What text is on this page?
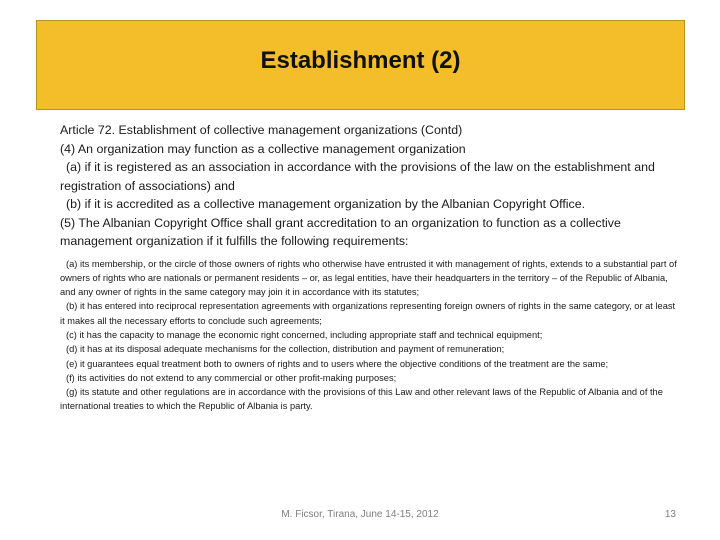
Establishment (2)

Article 72. Establishment of collective management organizations (Contd)

(4) An organization may function as a collective management organization

(a) if it is registered as an association in accordance with the provisions of the law on the establishment and registration of associations) and

(b) if it is accredited as a collective management organization by the Albanian Copyright Office.

(5) The Albanian Copyright Office shall grant accreditation to an organization to function as a collective management organization if it fulfills the following requirements:

(a) its membership, or the circle of those owners of rights who otherwise have entrusted it with management of rights, extends to a substantial part of owners of rights who are nationals or permanent residents – or, as legal entities, have their headquarters in the territory – of the Republic of Albania, and any owner of rights in the same category may join it in accordance with its statutes;

(b) it has entered into reciprocal representation agreements with organizations representing foreign owners of rights in the same category, or at least it makes all the necessary efforts to conclude such agreements;

(c) it has the capacity to manage the economic right concerned, including appropriate staff and technical equipment;

(d) it has at its disposal adequate mechanisms for the collection, distribution and payment of remuneration;

(e) it guarantees equal treatment both to owners of rights and to users where the objective conditions of the treatment are the same;

(f) its activities do not extend to any commercial or other profit-making purposes;

(g) its statute and other regulations are in accordance with the provisions of this Law and other relevant laws of the Republic of Albania and of the international treaties to which the Republic of Albania is party.

M. Ficsor, Tirana, June 14-15, 2012	13
